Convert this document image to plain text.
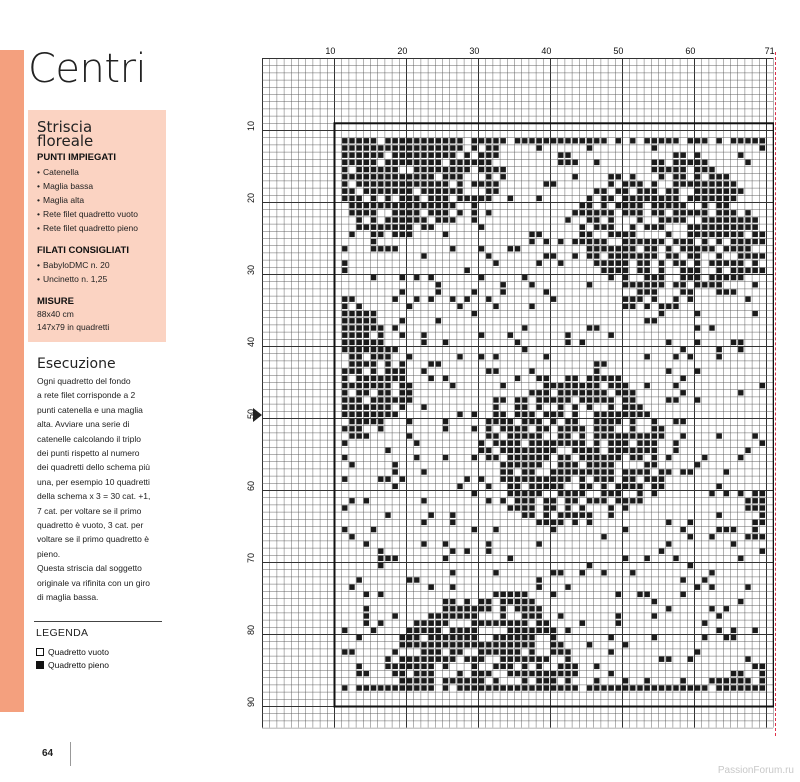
Centri
Striscia
floreale

PUNTI IMPIEGATI

• Catenella
• Maglia bassa
• Maglia alta
• Rete filet quadretto vuoto
• Rete filet quadretto pieno

FILATI CONSIGLIATI

• BabyloDMC n. 20
• Uncinetto n. 1,25

MISURE

88x40 cm

147x79 in quadretti

Esecuzione

Ogni quadretto del fondo
a rete filet corrisponde a 2
punti catenella e una maglia
alta. Avviare una serie di
catenelle calcolando il triplo
dei punti rispetto al numero
dei quadretti dello schema più
una, per esempio 10 quadretti
della schema x 3 = 30 cat. +1,
7 cat. per voltare se il primo
quadretto è vuoto, 3 cat. per
voltare se il primo quadretto è
pieno.
Questa striscia dal soggetto
originale va rifinita con un giro
di maglia bassa.

LEGENDA
Quadretto vuoto
Quadretto pieno
64
PassionForum.ru
10	20	30	40	50	60	71
10
20
30
40
50
60
70
80
90
